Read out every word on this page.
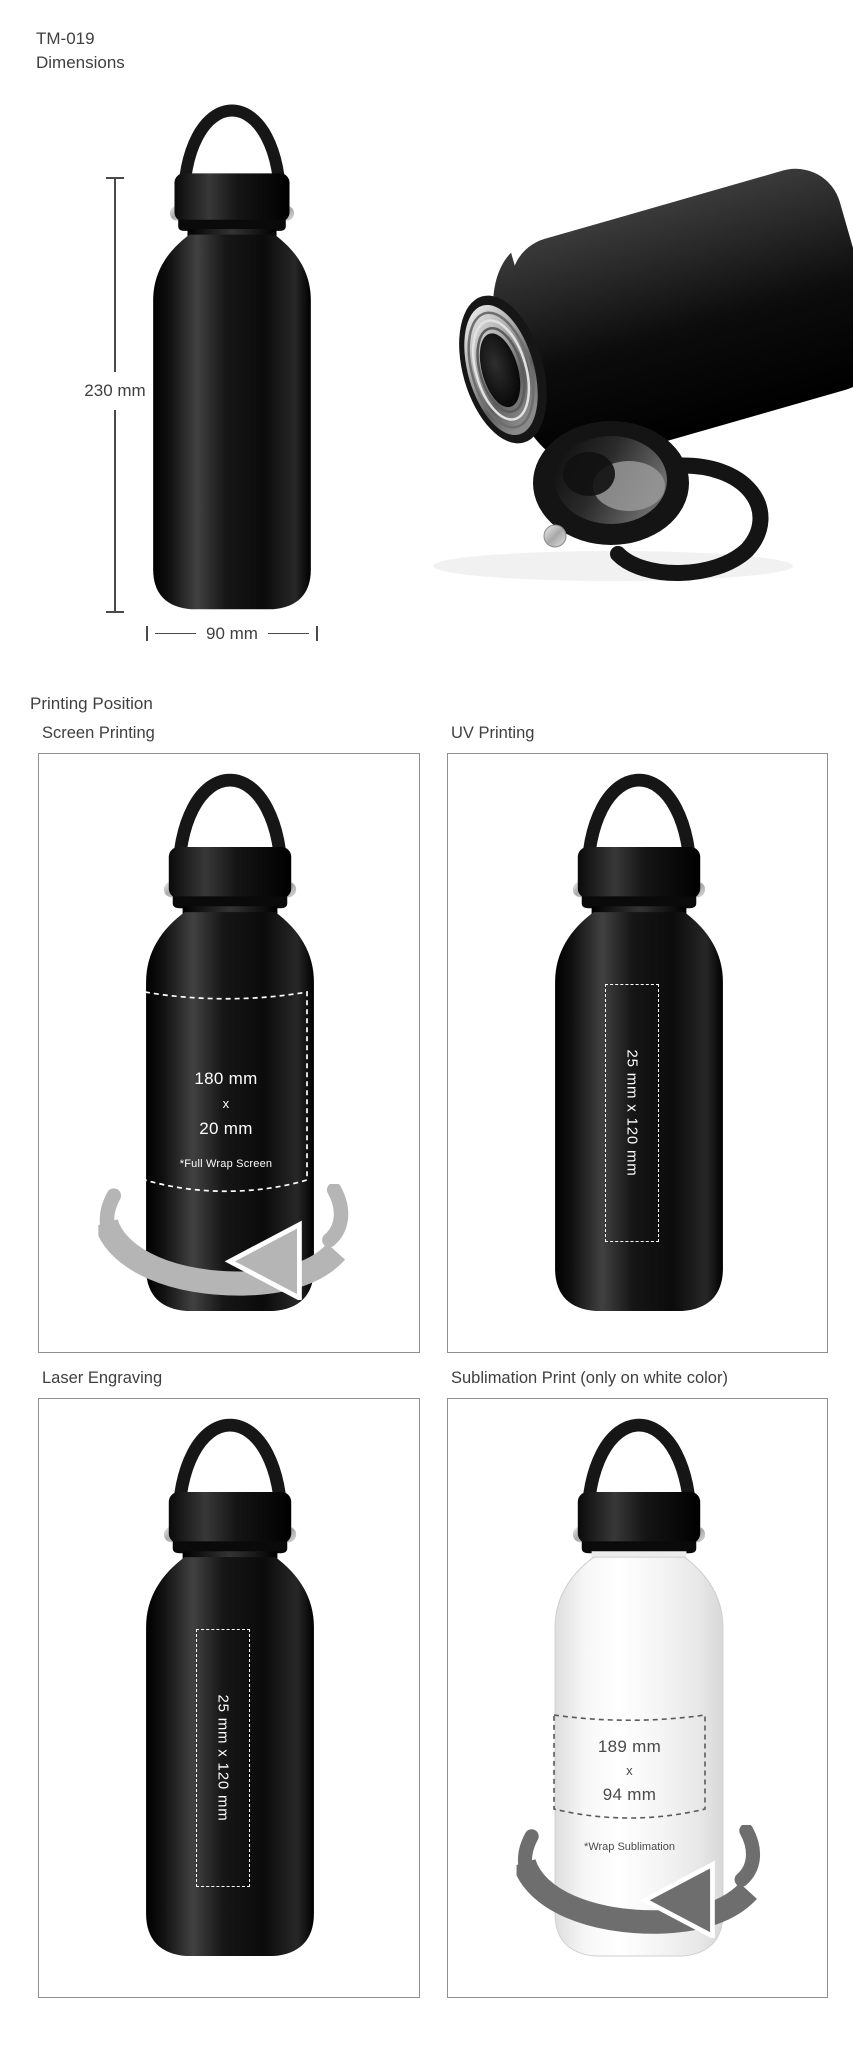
TM-019
Dimensions
230 mm
90 mm
Printing Position
Screen Printing
180 mm
x
20 mm
*Full Wrap Screen
UV Printing
25 mm x 120 mm
Laser Engraving
25 mm x 120 mm
Sublimation Print (only on white color)
189 mm
x
94 mm
*Wrap Sublimation
